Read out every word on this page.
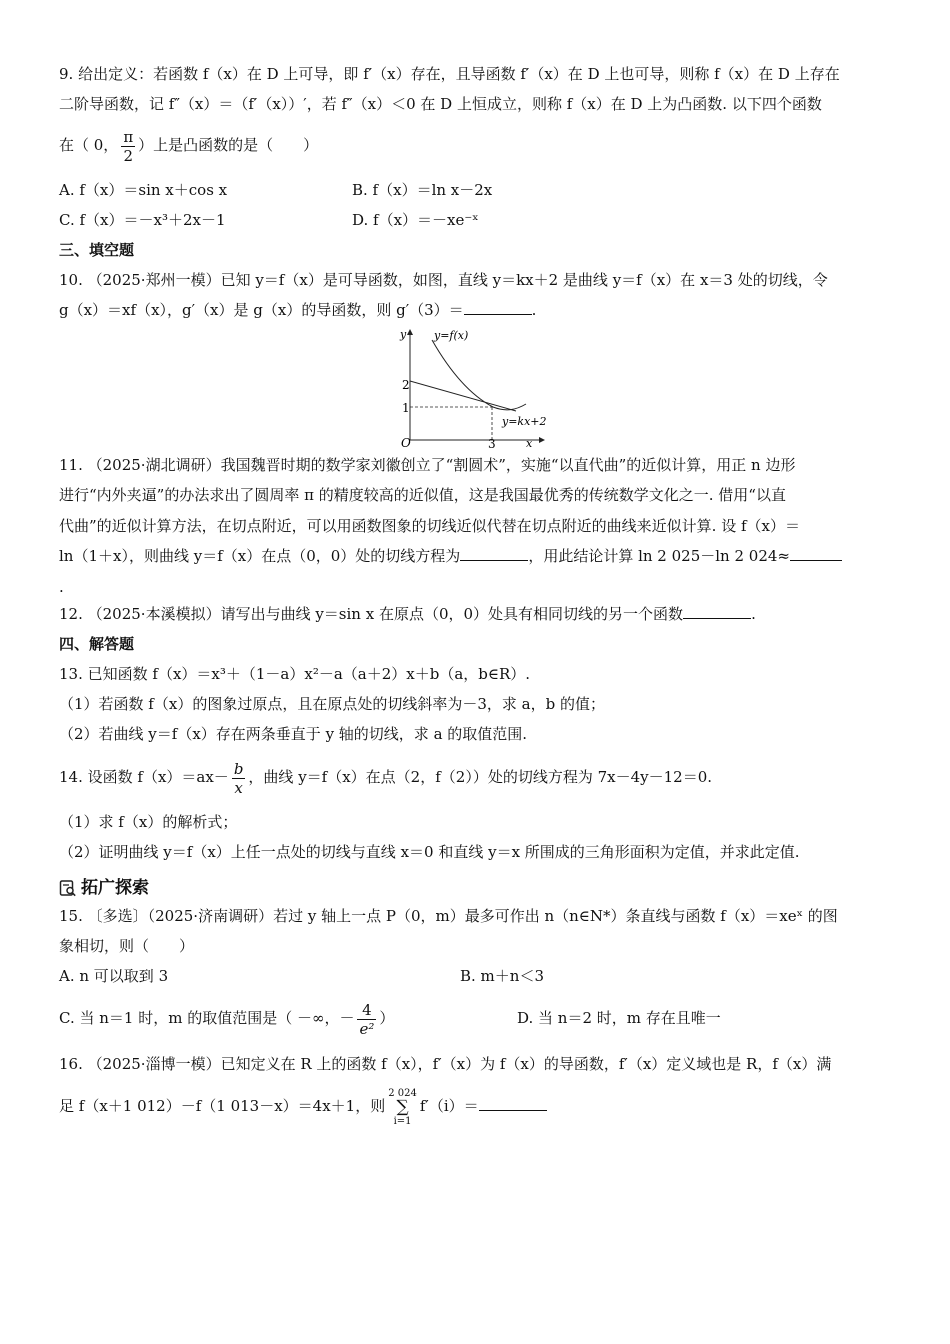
9. 给出定义：若函数 f（x）在 D 上可导，即 f′（x）存在，且导函数 f′（x）在 D 上也可导，则称 f（x）在 D 上存在
二阶导函数，记 f″（x）＝（f′（x））′，若 f″（x）＜0 在 D 上恒成立，则称 f（x）在 D 上为凸函数. 以下四个函数
在（ 0， $\frac{\pi}{2}$ ）上是凸函数的是（　　）
A. f（x）＝sin x＋cos x	B. f（x）＝ln x－2x
C. f（x）＝－x³＋2x－1	D. f（x）＝－xe⁻ˣ
三、填空题
10. （2025·郑州一模）已知 y＝f（x）是可导函数，如图，直线 y＝kx＋2 是曲线 y＝f（x）在 x＝3 处的切线，令
g（x）＝xf（x），g′（x）是 g（x）的导函数，则 g′（3）＝	.
y
x
y=f(x)
y=kx+2
2
1
O	3
11. （2025·湖北调研）我国魏晋时期的数学家刘徽创立了“割圆术”，实施“以直代曲”的近似计算，用正 n 边形
进行“内外夹逼”的办法求出了圆周率 π 的精度较高的近似值，这是我国最优秀的传统数学文化之一. 借用“以直
代曲”的近似计算方法，在切点附近，可以用函数图象的切线近似代替在切点附近的曲线来近似计算. 设 f（x）＝
ln（1＋x），则曲线 y＝f（x）在点（0，0）处的切线方程为	，用此结论计算 ln 2 025－ln 2 024≈
.
12. （2025·本溪模拟）请写出与曲线 y＝sin x 在原点（0，0）处具有相同切线的另一个函数	.
四、解答题
13. 已知函数 f（x）＝x³＋（1－a）x²－a（a＋2）x＋b（a，b∈R）.
（1）若函数 f（x）的图象过原点，且在原点处的切线斜率为－3，求 a，b 的值；
（2）若曲线 y＝f（x）存在两条垂直于 y 轴的切线，求 a 的取值范围.
14. 设函数 $f(x)=ax- \frac{b}{x}$ ，曲线 y＝f（x）在点（2，f（2））处的切线方程为 7x－4y－12＝0.
（1）求 f（x）的解析式；
（2）证明曲线 y＝f（x）上任一点处的切线与直线 x＝0 和直线 y＝x 所围成的三角形面积为定值，并求此定值.
拓广探索
15. 〔多选〕（2025·济南调研）若过 y 轴上一点 P（0，m）最多可作出 n（n∈N*）条直线与函数 f（x）＝xeˣ 的图
象相切，则（　　）
A. n 可以取到 3	B. m＋n＜3
C. 当 n＝1 时，m 的取值范围是（ －∞，－ $\frac{4}{\text{e²}}$ ）	D. 当 n＝2 时，m 存在且唯一
16. （2025·淄博一模）已知定义在 R 上的函数 f（x），f′（x）为 f（x）的导函数，f′（x）定义域也是 R，f（x）满
足 f（x＋1 012）－f（1 013－x）＝4x＋1，则2 024
∑
i=1f′（i）＝
